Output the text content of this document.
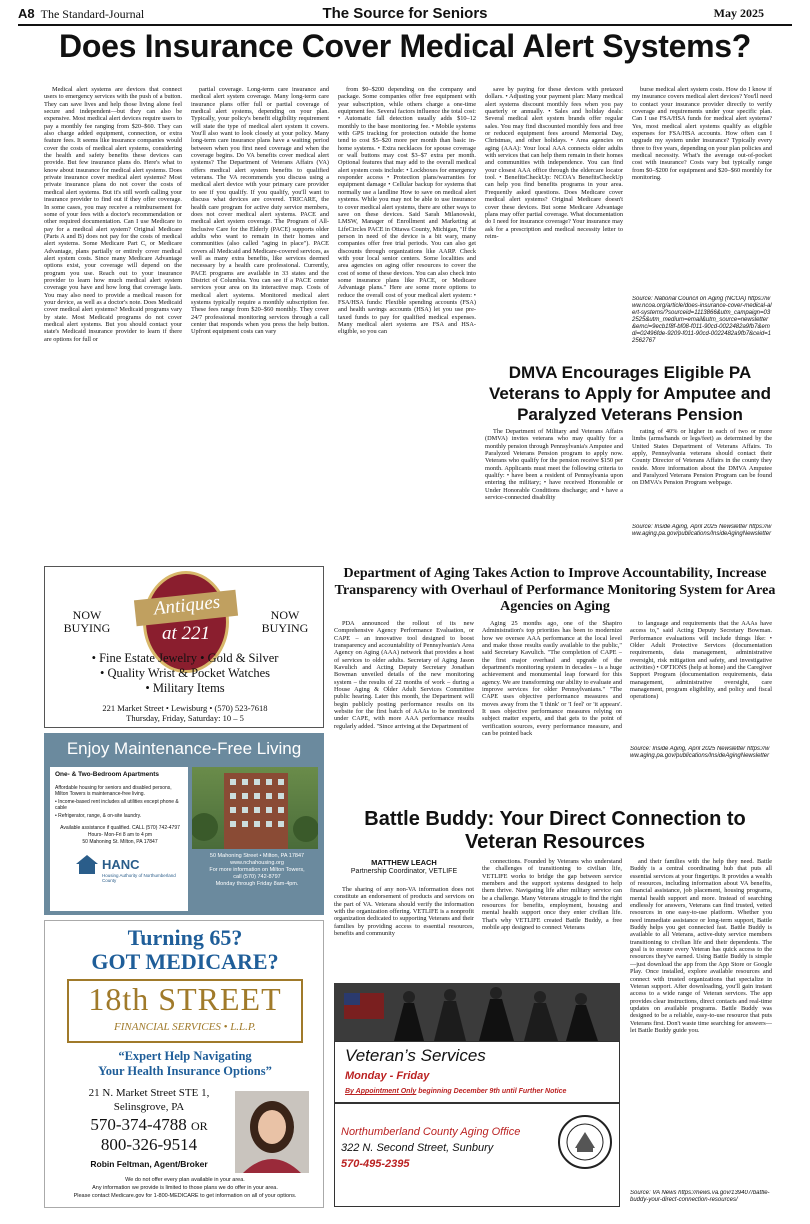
A8 The Standard-Journal	The Source for Seniors	May 2025
Does Insurance Cover Medical Alert Systems?

Medical alert systems are devices that connect users to emergency services with the push of a button. They can save lives and help those living alone feel secure and independent—but they can also be expensive. Most medical alert devices require users to pay a monthly fee ranging from $20–$60. They can also charge added equipment, connection, or extra feature fees. It seems like insurance companies would cover the costs of medical alert systems, considering the health and safety benefits these devices can provide. But few insurance plans do. Here's what to know about insurance for medical alert systems. Does private insurance cover medical alert systems? Most private insurance plans do not cover the costs of medical alert systems. But it's still worth calling your insurance provider to find out if they offer coverage. In some cases, you may receive a reimbursement for some of your fees with a doctor's recommendation or other required documentation. Can I use Medicare to pay for a medical alert system? Original Medicare (Parts A and B) does not pay for the costs of medical alert systems. Some Medicare Part C, or Medicare Advantage, plans partially or entirely cover medical alert system costs. Since many Medicare Advantage options exist, your coverage will depend on the program you use. Reach out to your insurance provider to learn how much medical alert system coverage you have and how long that coverage lasts. You may also need to provide a medical reason for your device, as well as a doctor's note. Does Medicaid cover medical alert systems? Medicaid programs vary by state. Most Medicaid programs do not cover medical alert systems. But you should contact your state's Medicaid insurance provider to learn if there are options for full or

partial coverage. Long-term care insurance and medical alert system coverage. Many long-term care insurance plans offer full or partial coverage of medical alert systems, depending on your plan. Typically, your policy's benefit eligibility requirement will state the type of medical alert system it covers. You'll also want to look closely at your policy. Many long-term care insurance plans have a waiting period between when you first need coverage and when the coverage begins. Do VA benefits cover medical alert systems? The Department of Veterans Affairs (VA) offers medical alert system benefits to qualified veterans. The VA recommends you discuss using a medical alert device with your primary care provider to see if you qualify. If you qualify, you'll want to discuss what devices are covered. TRICARE, the health care program for active duty service members, does not cover medical alert systems. PACE and medical alert system coverage. The Program of All-Inclusive Care for the Elderly (PACE) supports older adults who want to remain in their homes and communities (also called "aging in place"). PACE covers all Medicaid and Medicare-covered services, as well as many extra benefits, like services deemed necessary by a health care professional. Currently, PACE programs are available in 33 states and the District of Columbia. You can see if a PACE center services your area on its interactive map. Costs of medical alert systems. Monitored medical alert systems typically require a monthly subscription fee. These fees range from $20–$60 monthly. They cover 24/7 professional monitoring services through a call center that responds when you press the help button. Upfront equipment costs can vary

from $0–$200 depending on the company and package. Some companies offer free equipment with year subscription, while others charge a one-time equipment fee. Several factors influence the total cost: • Automatic fall detection usually adds $10–12 monthly to the base monitoring fee. • Mobile systems with GPS tracking for protection outside the home tend to cost $5–$20 more per month than basic in-home systems. • Extra necklaces for spouse coverage or wall buttons may cost $3–$7 extra per month. Optional features that may add to the overall medical alert system costs include: • Lockboxes for emergency responder access • Protection plans/warranties for equipment damage • Cellular backup for systems that normally use a landline How to save on medical alert systems. While you may not be able to use insurance to cover medical alert systems, there are other ways to save on these devices. Said Sarah Milanowski, LMSW, Manager of Enrollment and Marketing at LifeCircles PACE in Ottawa County, Michigan, "If the person in need of the device is a bit wary, many companies offer free trial periods. You can also get discounts through organizations like AARP. Check with your local senior centers. Some localities and area agencies on aging offer resources to cover the cost of some of these devices. You can also check into some insurance plans like PACE, or Medicare Advantage plans." Here are some more options to reduce the overall cost of your medical alert system: • FSA/HSA funds: Flexible spending accounts (FSA) and health savings accounts (HSA) let you use pre-taxed funds to pay for qualified medical expenses. Many medical alert systems are FSA and HSA-eligible, so you can

save by paying for these devices with pretaxed dollars. • Adjusting your payment plan: Many medical alert systems discount monthly fees when you pay quarterly or annually. • Sales and holiday deals: Several medical alert system brands offer regular sales. You may find discounted monthly fees and free or reduced equipment fees around Memorial Day, Christmas, and other holidays. • Area agencies on aging (AAA): Your local AAA connects older adults with services that can help them remain in their homes and communities with independence. You can find your closest AAA office through the eldercare locator tool. • BenefitsCheckUp: NCOA's BenefitsCheckUp can help you find benefits programs in your area. Frequently asked questions. Does Medicare cover medical alert systems? Original Medicare doesn't cover these devices. But some Medicare Advantage plans may offer partial coverage. What documentation do I need for insurance coverage? Your insurance may ask for a prescription and medical necessity letter to reim-

burse medical alert system costs. How do I know if my insurance covers medical alert devices? You'll need to contact your insurance provider directly to verify coverage and requirements under your specific plan. Can I use FSA/HSA funds for medical alert systems? Yes, most medical alert systems qualify as eligible expenses for FSA/HSA accounts. How often can I upgrade my system under insurance? Typically every three to five years, depending on your plan policies and medical necessity. What's the average out-of-pocket cost with insurance? Costs vary but typically range from $0–$200 for equipment and $20–$60 monthly for monitoring.

Source: National Council on Aging (NCOA) https://www.ncoa.org/article/does-insurance-cover-medical-alert-systems/?sourceid=1113866&utm_campaign=032525&utm_medium=email&utm_source=newsletter&emci=9ecb1f8f-bf08-f011-90cd-0022482a9fb7&emdi=02496fde-9209-f011-90cd-0022482a9fb7&ceid=12562767
DMVA Encourages Eligible PA Veterans to Apply for Amputee and Paralyzed Veterans Pension

The Department of Military and Veterans Affairs (DMVA) invites veterans who may qualify for a monthly pension through Pennsylvania's Amputee and Paralyzed Veterans Pension program to apply now. Veterans who qualify for the pension receive $150 per month. Applicants must meet the following criteria to qualify: • have been a resident of Pennsylvania upon entering the military; • have received Honorable or Under Honorable Conditions discharge; and • have a service-connected disability

rating of 40% or higher in each of two or more limbs (arms/hands or legs/feet) as determined by the United States Department of Veterans Affairs. To apply, Pennsylvania veterans should contact their County Director of Veterans Affairs in the county they reside. More information about the DMVA Amputee and Paralyzed Veterans Pension Program can be found on DMVA's Pension Program webpage.

Source: Inside Aging, April 2025 Newsletter https://www.aging.pa.gov/publications/InsideAgingNewsletter
Department of Aging Takes Action to Improve Accountability, Increase Transparency with Overhaul of Performance Monitoring System for Area Agencies on Aging

PDA announced the rollout of its new Comprehensive Agency Performance Evaluation, or CAPE – an innovative tool designed to boost transparency and accountability of Pennsylvania's Area Agency on Aging (AAA) network that provides a host of services to older adults. Secretary of Aging Jason Kavulich and Acting Deputy Secretary Jonathan Bowman unveiled details of the new monitoring system – the results of 22 months of work – during a House Aging & Older Adult Services Committee public hearing. Later this month, the Department will begin publicly posting performance results on its website for the first batch of AAAs to be monitored under CAPE, with more AAA performance results regularly added. "Since arriving at the Department of

Aging 25 months ago, one of the Shapiro Administration's top priorities has been to modernize how we oversee AAA performance at the local level and make those results easily available to the public," said Secretary Kavulich. "The completion of CAPE – the first major overhaul and upgrade of the department's monitoring system in decades – is a huge achievement and monumental leap forward for this agency. We are transforming our ability to evaluate and improve services for older Pennsylvanians." "The CAPE uses objective performance measures and moves away from the 'I think' or 'I feel' or 'it appears'. It uses objective performance measures relying on subject matter experts, and that gets to the point of verification sources, every performance measure, and can be pointed back

to language and requirements that the AAAs have access to," said Acting Deputy Secretary Bowman. Performance evaluations will include things like: • Older Adult Protective Services (documentation requirements, data management, administrative oversight, risk mitigation and safety, and investigative activities) • OPTIONS (help at home) and the Caregiver Support Program (documentation requirements, data management, administrative oversight, care management, program eligibility, and policy and fiscal operations)

Source: Inside Aging, April 2025 Newsletter https://www.aging.pa.gov/publications/InsideAgingNewsletter
Battle Buddy: Your Direct Connection to Veteran Resources
MATTHEW LEACH
Partnership Coordinator, VETLIFE

The sharing of any non-VA information does not constitute an endorsement of products and services on the part of VA. Veterans should verify the information with the organization offering. VETLIFE is a nonprofit organization dedicated to supporting Veterans and their families by providing access to essential resources, benefits and community

connections. Founded by Veterans who understand the challenges of transitioning to civilian life, VETLIFE works to bridge the gap between service members and the support systems designed to help them thrive. Navigating life after military service can be a challenge. Many Veterans struggle to find the right resources for benefits, employment, housing and mental health support once they enter civilian life. That's why VETLIFE created Battle Buddy, a free mobile app designed to connect Veterans

and their families with the help they need. Battle Buddy is a central coordinating hub that puts all essential services at your fingertips. It provides a wealth of resources, including information about VA benefits, financial assistance, job placement, housing programs, mental health support and more. Instead of searching endlessly for answers, Veterans can find trusted, vetted resources in one easy-to-use platform. Whether you need immediate assistance or long-term support, Battle Buddy helps you get connected fast. Battle Buddy is available to all Veterans, active-duty service members transitioning to civilian life and their dependents. The goal is to ensure every Veteran has quick access to the resources they've earned. Using Battle Buddy is simple—just download the app from the App Store or Google Play. Once installed, explore available resources and connect with trusted organizations that specialize in Veteran support. After downloading, you'll gain instant access to a wide range of Veteran services. The app provides clear instructions, direct contacts and real-time updates on available programs. Battle Buddy was designed to be a reliable, easy-to-use resource that puts Veterans first. Don't waste time searching for answers—let Battle Buddy guide you.

Source: VA News https://news.va.gov/139407/battle-buddy-your-direct-connection-resources/
Antiques
at 221
NOW BUYING
NOW BUYING
• Fine Estate Jewelry • Gold & Silver
• Quality Wrist & Pocket Watches
• Military Items
221 Market Street • Lewisburg • (570) 523-7618
Thursday, Friday, Saturday: 10 – 5
Enjoy Maintenance-Free Living
One- & Two-Bedroom Apartments
Affordable housing for seniors and disabled persons, Milton Towers is maintenance-free living.
• Income-based rent includes all utilities except phone & cable
• Refrigerator, range, & on-site laundry.
Available assistance if qualified. CALL (570) 742-4797
Hours- Mon-Fri 8 am to 4 pm
50 Mahoning St. Milton, PA 17847
HANC
Housing Authority of Northumberland County
50 Mahoning Street • Milton, PA 17847
www.nchahousing.org
For more information on Milton Towers,
call (570) 742-8797
Monday through Friday 8am-4pm.
Turning 65?
GOT MEDICARE?
18th STREET
FINANCIAL SERVICES • L.L.P.
“Expert Help Navigating
Your Health Insurance Options”
21 N. Market Street STE 1,
Selinsgrove, PA
570-374-4788 OR
800-326-9514
Robin Feltman, Agent/Broker
We do not offer every plan available in your area.
Any information we provide is limited to those plans we do offer in your area.
Please contact Medicare.gov for 1-800-MEDICARE to get information on all of your options.
Veteran’s Services
Monday - Friday
By Appointment Only beginning December 9th until Further Notice
Northumberland County Aging Office
322 N. Second Street, Sunbury
570-495-2395
